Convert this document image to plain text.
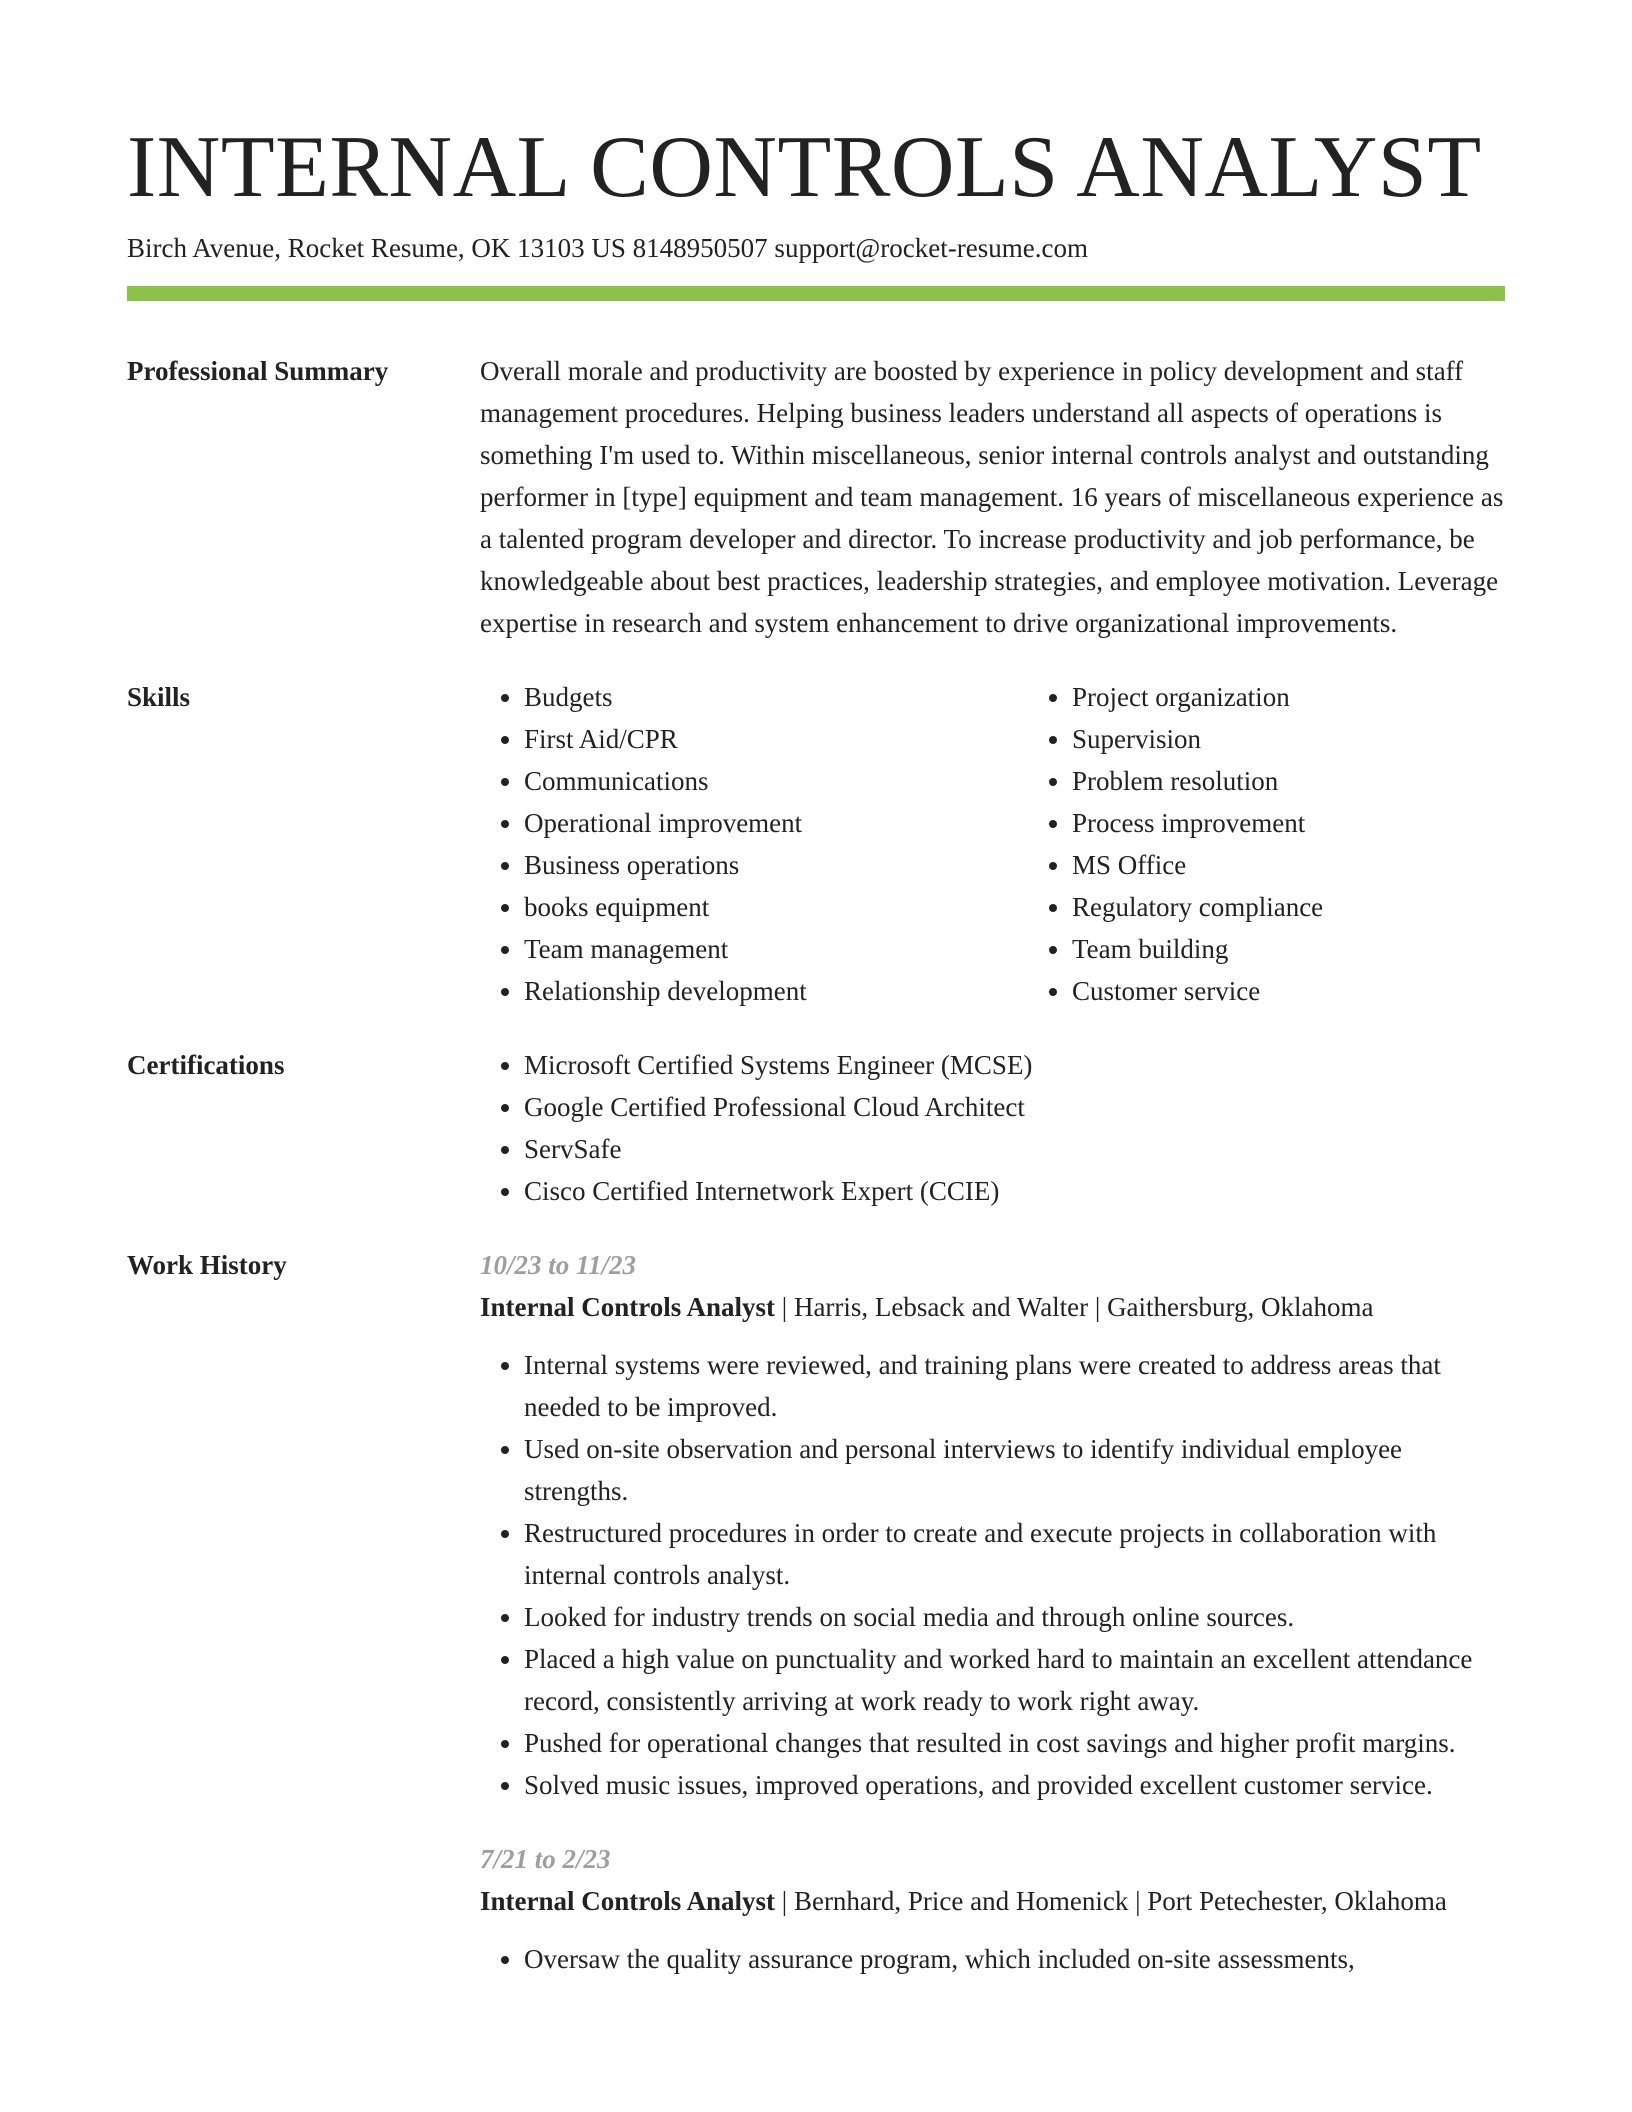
INTERNAL CONTROLS ANALYST
Birch Avenue, Rocket Resume, OK 13103 US 8148950507 support@rocket-resume.com
Professional Summary	Overall morale and productivity are boosted by experience in policy development and staff management procedures. Helping business leaders understand all aspects of operations is something I'm used to. Within miscellaneous, senior internal controls analyst and outstanding performer in [type] equipment and team management. 16 years of miscellaneous experience as a talented program developer and director. To increase productivity and job performance, be knowledgeable about best practices, leadership strategies, and employee motivation. Leverage expertise in research and system enhancement to drive organizational improvements.

Skills	• Budgets
• First Aid/CPR
• Communications
• Operational improvement
• Business operations
• books equipment
• Team management
• Relationship development
• Project organization
• Supervision
• Problem resolution
• Process improvement
• MS Office
• Regulatory compliance
• Team building
• Customer service
Certifications	• Microsoft Certified Systems Engineer (MCSE)
• Google Certified Professional Cloud Architect
• ServSafe
• Cisco Certified Internetwork Expert (CCIE)
Work History	10/23 to 11/23
Internal Controls Analyst | Harris, Lebsack and Walter | Gaithersburg, Oklahoma
• Internal systems were reviewed, and training plans were created to address areas that needed to be improved.
• Used on-site observation and personal interviews to identify individual employee strengths.
• Restructured procedures in order to create and execute projects in collaboration with internal controls analyst.
• Looked for industry trends on social media and through online sources.
• Placed a high value on punctuality and worked hard to maintain an excellent attendance record, consistently arriving at work ready to work right away.
• Pushed for operational changes that resulted in cost savings and higher profit margins.
• Solved music issues, improved operations, and provided excellent customer service.
7/21 to 2/23
Internal Controls Analyst | Bernhard, Price and Homenick | Port Petechester, Oklahoma
• Oversaw the quality assurance program, which included on-site assessments,
